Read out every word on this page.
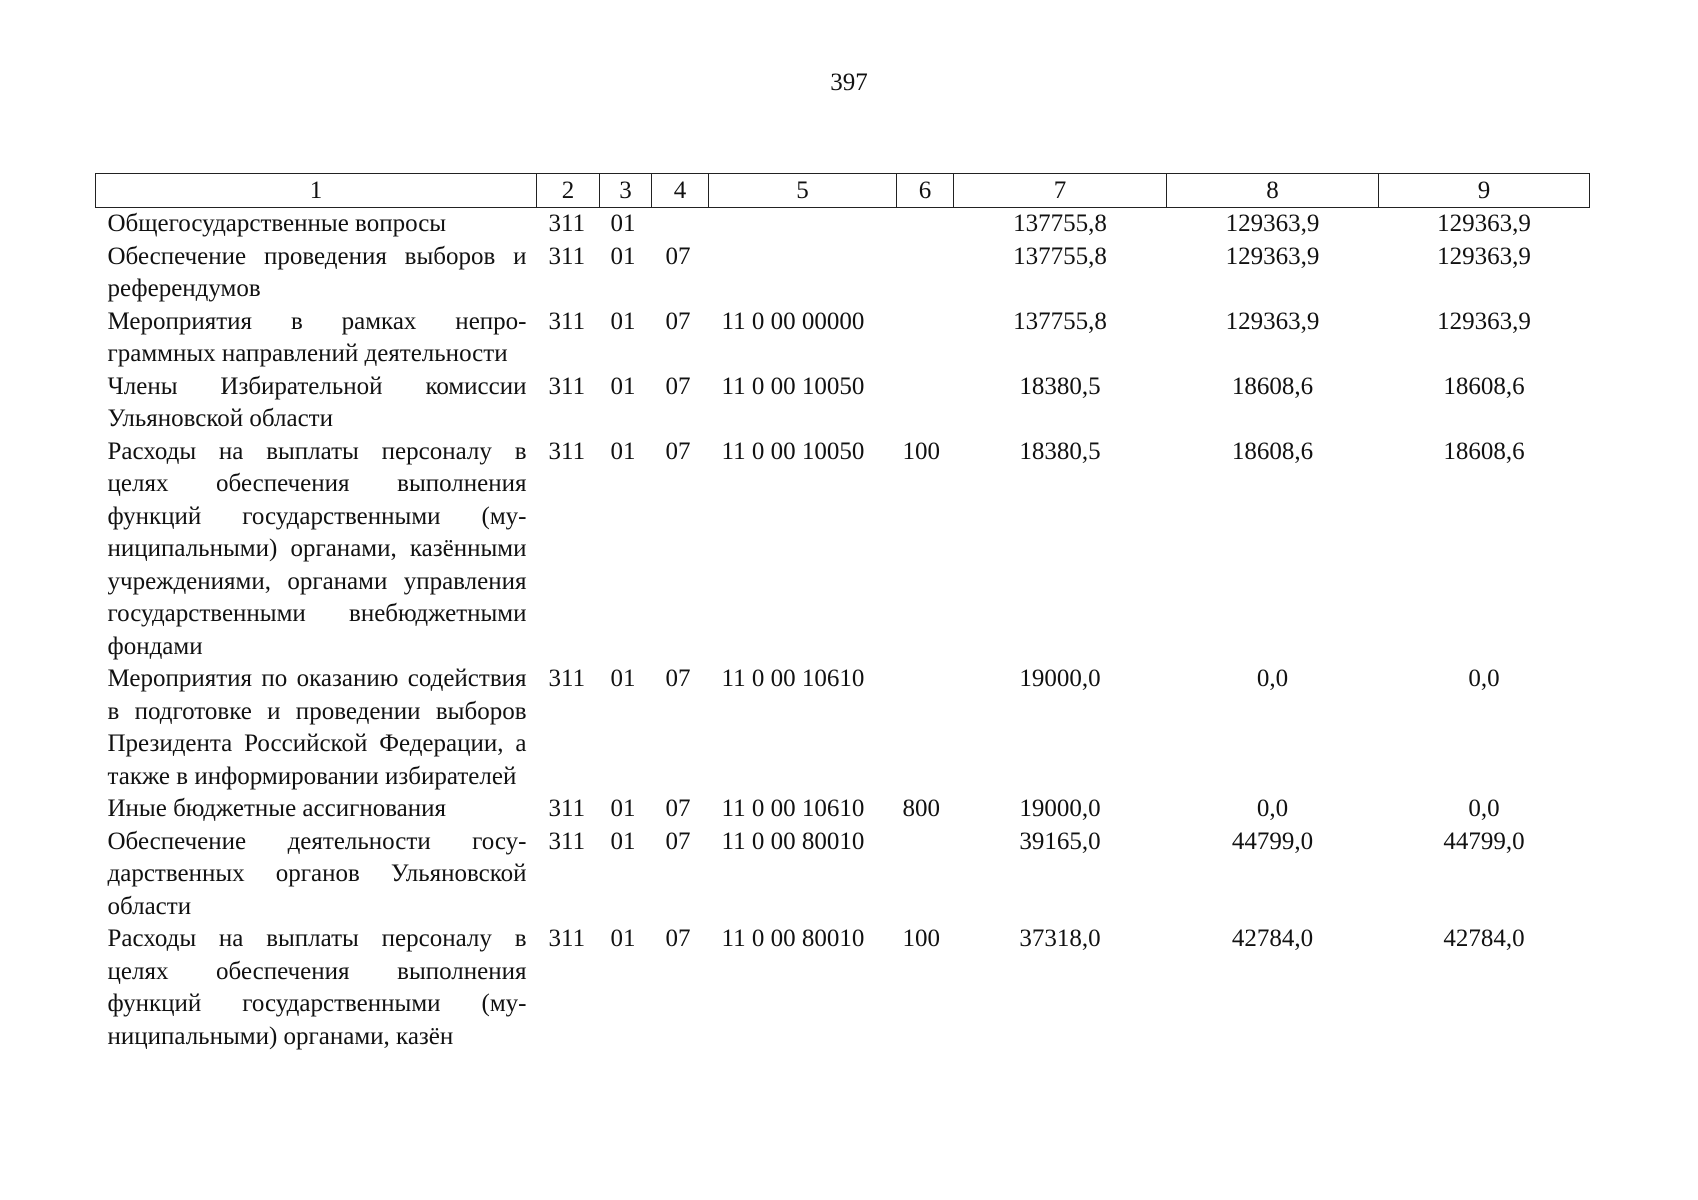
397
1	2	3	4	5	6	7	8	9
Общегосударственные вопросы	311	01				137755,8	129363,9	129363,9
Обеспечение проведения выборов и референдумов	311	01	07			137755,8	129363,9	129363,9
Мероприятия в рамках непрограммных направлений деятельности	311	01	07	11 0 00 00000		137755,8	129363,9	129363,9
Члены Избирательной комиссии Ульяновской области	311	01	07	11 0 00 10050		18380,5	18608,6	18608,6
Расходы на выплаты персоналу в целях обеспечения выполнения функций государственными (муниципальными) органами, казёнными учреждениями, органами управления государственными внебюджетными фондами	311	01	07	11 0 00 10050	100	18380,5	18608,6	18608,6
Мероприятия по оказанию содействия в подготовке и проведении выборов Президента Российской Федерации, а также в информировании избирателей	311	01	07	11 0 00 10610		19000,0	0,0	0,0
Иные бюджетные ассигнования	311	01	07	11 0 00 10610	800	19000,0	0,0	0,0
Обеспечение деятельности государственных органов Ульяновской области	311	01	07	11 0 00 80010		39165,0	44799,0	44799,0
Расходы на выплаты персоналу в целях обеспечения выполнения функций государственными (муниципальными) органами, казён	311	01	07	11 0 00 80010	100	37318,0	42784,0	42784,0
